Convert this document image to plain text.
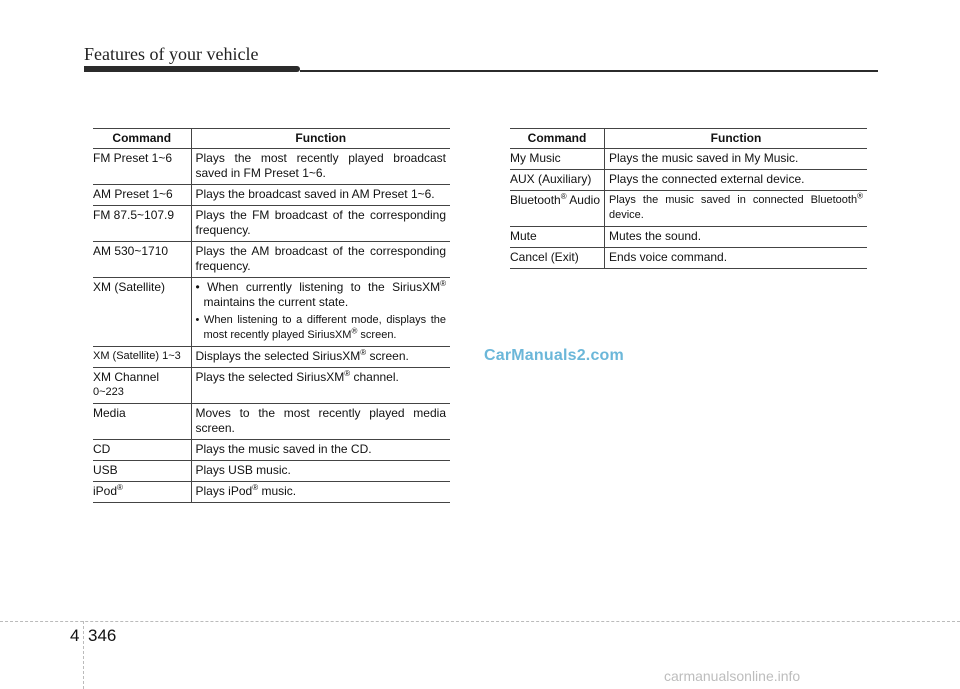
Features of your vehicle
Command	Function
FM Preset 1~6	Plays the most recently played broadcast saved in FM Preset 1~6.
AM Preset 1~6	Plays the broadcast saved in AM Preset 1~6.
FM 87.5~107.9	Plays the FM broadcast of the corresponding frequency.
AM 530~1710	Plays the AM broadcast of the corresponding frequency.
XM (Satellite)	• When currently listening to the SiriusXM® maintains the current state.
• When listening to a different mode, displays the most recently played SiriusXM® screen.

XM (Satellite) 1~3	Displays the selected SiriusXM® screen.

XM Channel
0~223	Plays the selected SiriusXM® channel.
Media	Moves to the most recently played media screen.
CD	Plays the music saved in the CD.
USB	Plays USB music.
iPod®	Plays iPod® music.
Command	Function
My Music	Plays the music saved in My Music.
AUX (Auxiliary)	Plays the connected external device.
Bluetooth® Audio	Plays the music saved in connected Bluetooth® device.
Mute	Mutes the sound.
Cancel (Exit)	Ends voice command.
CarManuals2.com
4 346
carmanualsonline.info
